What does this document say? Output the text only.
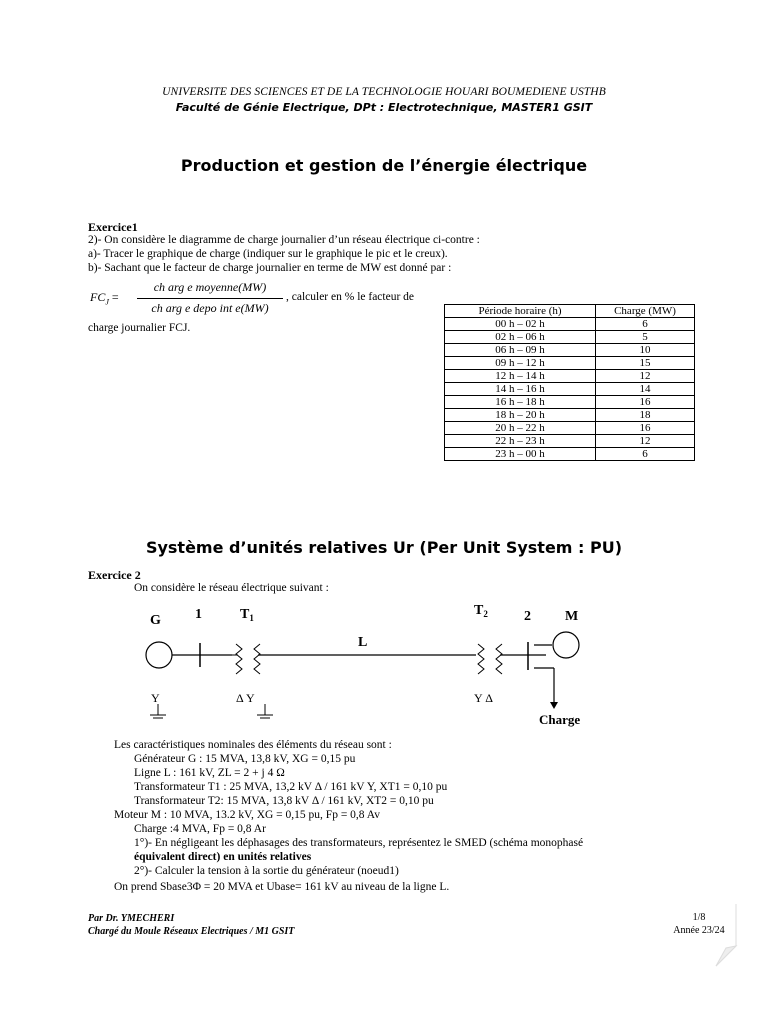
UNIVERSITE DES SCIENCES ET DE LA TECHNOLOGIE HOUARI BOUMEDIENE USTHB
Faculté de Génie Electrique, DPt : Electrotechnique, MASTER1 GSIT
Production et gestion de l’énergie électrique
Exercice1
2)- On considère le diagramme de charge journalier d’un réseau électrique ci-contre :
a)- Tracer le graphique de charge (indiquer sur le graphique le pic et le creux).
b)- Sachant que le facteur de charge journalier en terme de MW est donné par :
$FC_J$ =
ch arg e moyenne(MW)
ch arg e depo int e(MW)
, calculer en % le facteur de
charge journalier FCJ.
Période horaire (h)	Charge (MW)
00 h – 02 h	6
02 h – 06 h	5
06 h – 09 h	10
09 h – 12 h	15
12 h – 14 h	12
14 h – 16 h	14
16 h – 18 h	16
18 h – 20 h	18
20 h – 22 h	16
22 h – 23 h	12
23 h – 00 h	6
Système d’unités relatives Ur (Per Unit System : PU)
Exercice 2
On considère le réseau électrique suivant :
G 1	$T_1$
L
$T_2$	2 M
Charge
Y	Δ Y	Y Δ
Les caractéristiques nominales des éléments du réseau sont :
Générateur G : 15 MVA, 13,8 kV, XG = 0,15 pu
Ligne L : 161 kV, ZL = 2 + j 4 Ω
Transformateur T1 : 25 MVA, 13,2 kV Δ / 161 kV Y, XT1 = 0,10 pu
Transformateur T2: 15 MVA, 13,8 kV Δ / 161 kV, XT2 = 0,10 pu
Moteur M : 10 MVA, 13.2 kV, XG = 0,15 pu, Fp = 0,8 Av
Charge :4 MVA, Fp = 0,8 Ar
1°)- En négligeant les déphasages des transformateurs, représentez le SMED (schéma monophasé
équivalent direct) en unités relatives
2°)- Calculer la tension à la sortie du générateur (noeud1)
On prend Sbase3Φ = 20 MVA et Ubase= 161 kV au niveau de la ligne L.
Par Dr. YMECHERI
Chargé du Moule Réseaux Electriques / M1 GSIT
1/8
Année 23/24
